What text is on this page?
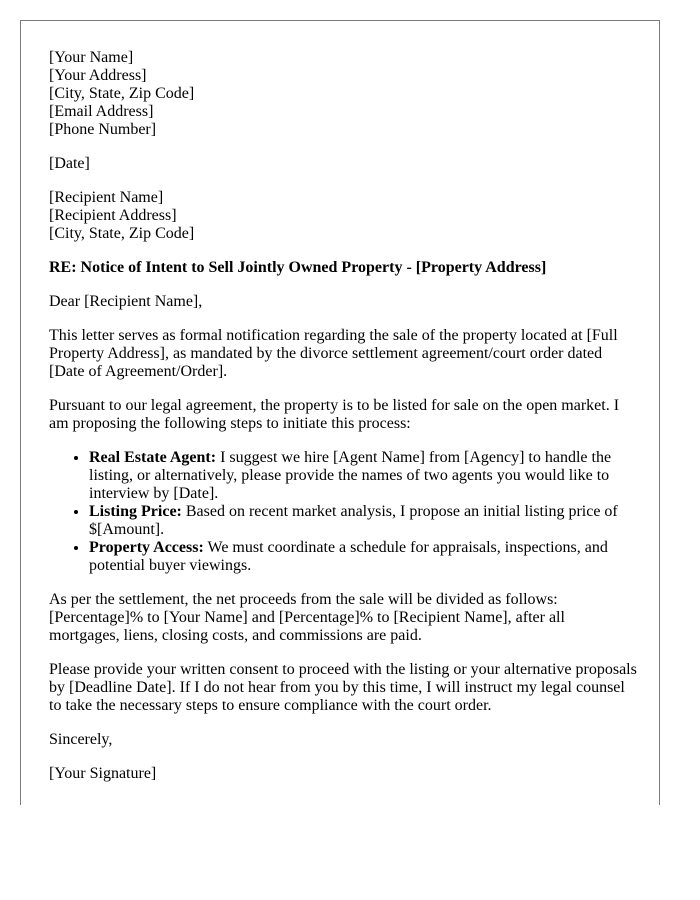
[Your Name]
[Your Address]
[City, State, Zip Code]
[Email Address]
[Phone Number]
[Date]
[Recipient Name]
[Recipient Address]
[City, State, Zip Code]
RE: Notice of Intent to Sell Jointly Owned Property - [Property Address]

Dear [Recipient Name],

This letter serves as formal notification regarding the sale of the property located at [Full Property Address], as mandated by the divorce settlement agreement/court order dated [Date of Agreement/Order].

Pursuant to our legal agreement, the property is to be listed for sale on the open market. I am proposing the following steps to initiate this process:

• Real Estate Agent: I suggest we hire [Agent Name] from [Agency] to handle the listing, or alternatively, please provide the names of two agents you would like to interview by [Date].
• Listing Price: Based on recent market analysis, I propose an initial listing price of $[Amount].
• Property Access: We must coordinate a schedule for appraisals, inspections, and potential buyer viewings.

As per the settlement, the net proceeds from the sale will be divided as follows: [Percentage]% to [Your Name] and [Percentage]% to [Recipient Name], after all mortgages, liens, closing costs, and commissions are paid.

Please provide your written consent to proceed with the listing or your alternative proposals by [Deadline Date]. If I do not hear from you by this time, I will instruct my legal counsel to take the necessary steps to ensure compliance with the court order.

Sincerely,

[Your Signature]
